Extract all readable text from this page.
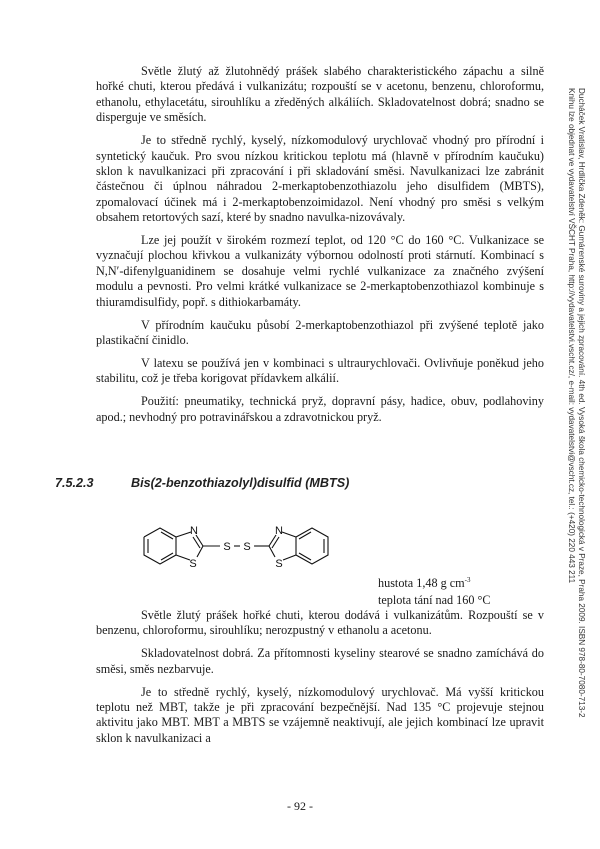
Světle žlutý až žlutohnědý prášek slabého charakteristického zápachu a silně hořké chuti, kterou předává i vulkanizátu; rozpouští se v acetonu, benzenu, chloroformu, ethanolu, ethylacetátu, sirouhlíku a zředěných alkáliích. Skladovatelnost dobrá; snadno se disperguje ve směsích.

Je to středně rychlý, kyselý, nízkomodulový urychlovač vhodný pro přírodní i syntetický kaučuk. Pro svou nízkou kritickou teplotu má (hlavně v přírodním kaučuku) sklon k navulkanizaci při zpracování i při skladování směsi. Navulkanizaci lze zabránit částečnou či úplnou náhradou 2-merkaptobenzothiazolu jeho disulfidem (MBTS), zpomalovací účinek má i 2-merkaptobenzoimidazol. Není vhodný pro směsi s velkým obsahem retortových sazí, které by snadno navulka-nizovávaly.

Lze jej použít v širokém rozmezí teplot, od 120 °C do 160 °C. Vulkanizace se vyznačují plochou křivkou a vulkanizáty výbornou odolností proti stárnutí. Kombinací s N,N′-difenylguanidinem se dosahuje velmi rychlé vulkanizace za značného zvýšení modulu a pevnosti. Pro velmi krátké vulkanizace se 2-merkaptobenzothiazol kombinuje s thiuramdisulfidy, popř. s dithiokarbamáty.

V přírodním kaučuku působí 2-merkaptobenzothiazol při zvýšené teplotě jako plastikační činidlo.

V latexu se používá jen v kombinaci s ultraurychlovači. Ovlivňuje poněkud jeho stabilitu, což je třeba korigovat přídavkem alkálií.

Použití: pneumatiky, technická pryž, dopravní pásy, hadice, obuv, podlahoviny apod.; nevhodný pro potravinářskou a zdravotnickou pryž.

7.5.2.3	Bis(2-benzothiazolyl)disulfid (MBTS)
N
S
S S
N
S
hustota 1,48 g $cm^{-3}$
teplota tání nad 160 °C

Světle žlutý prášek hořké chuti, kterou dodává i vulkanizátům. Rozpouští se v benzenu, chloroformu, sirouhlíku; nerozpustný v ethanolu a acetonu.

Skladovatelnost dobrá. Za přítomnosti kyseliny stearové se snadno zamíchává do směsi, směs nezbarvuje.

Je to středně rychlý, kyselý, nízkomodulový urychlovač. Má vyšší kritickou teplotu než MBT, takže je při zpracování bezpečnější. Nad 135 °C projevuje stejnou aktivitu jako MBT. MBT a MBTS se vzájemně neaktivují, ale jejich kombinací lze upravit sklon k navulkanizaci a

- 92 -
Ducháček Vratislav, Hrdlička Zdeněk: Gumárenské suroviny a jejich zpracování. 4th ed. Vysoká škola chemicko-technologická v Praze, Praha 2009. ISBN 978-80-7080-713-2
Knihu lze objednat ve vydavatelství VŠCHT Praha, http://vydavatelstvi.vscht.cz/, e-mail: vydavatelstvi@vscht.cz, tel.: (+420) 220 443 211
